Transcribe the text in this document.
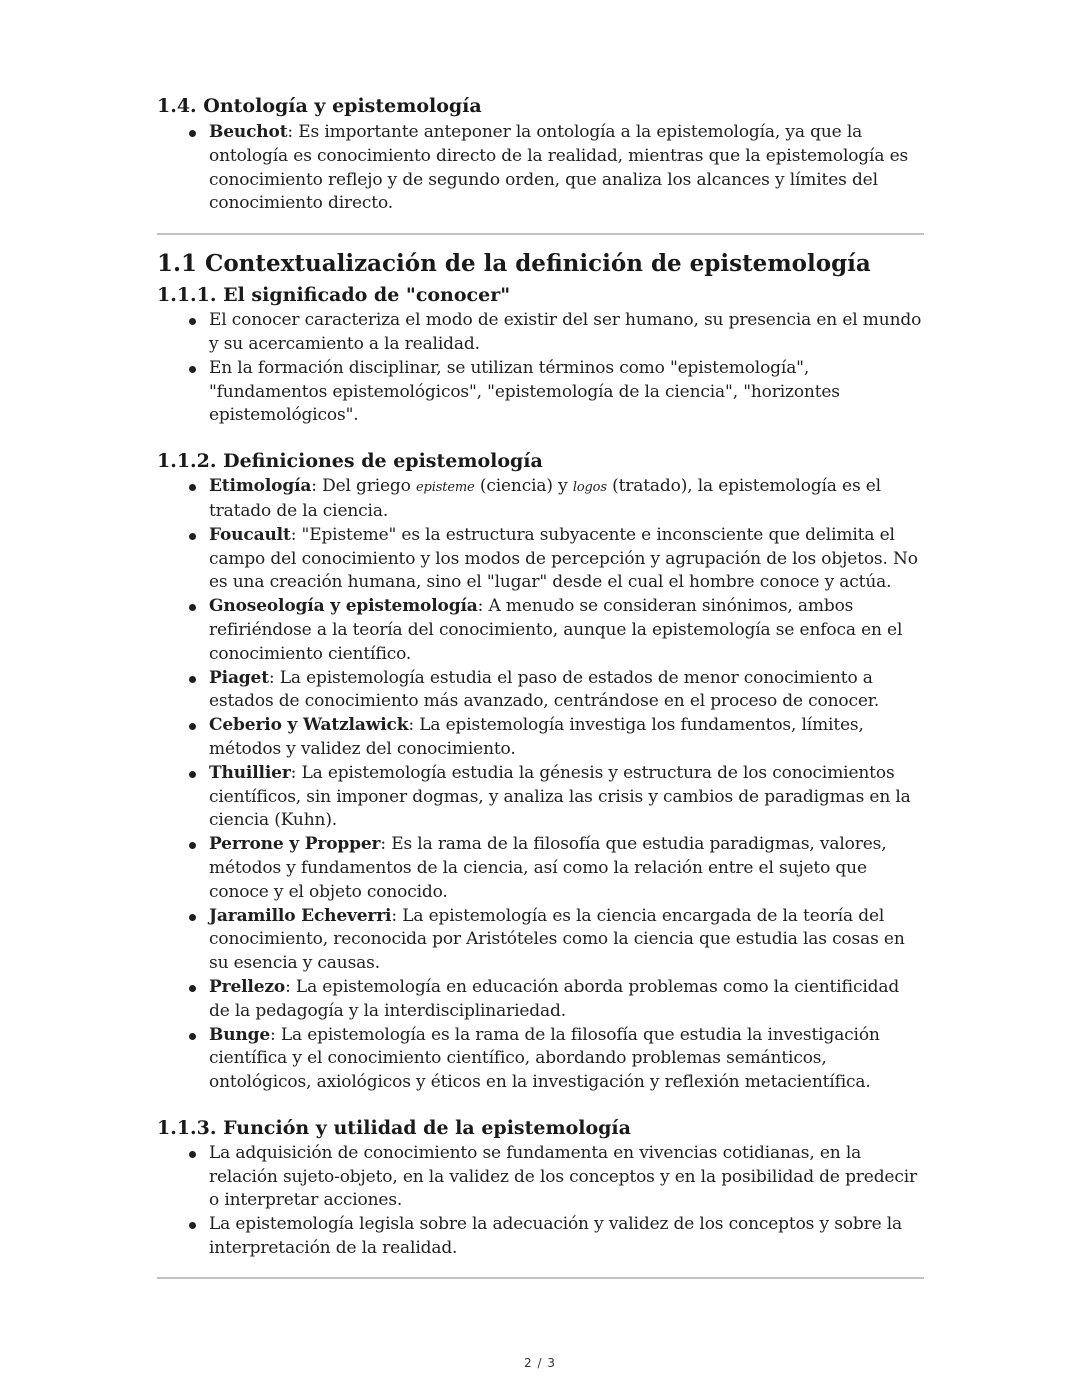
1.4. Ontología y epistemología
Beuchot: Es importante anteponer la ontología a la epistemología, ya que la ontología es conocimiento directo de la realidad, mientras que la epistemología es conocimiento reflejo y de segundo orden, que analiza los alcances y límites del conocimiento directo.
1.1 Contextualización de la definición de epistemología
1.1.1. El significado de "conocer"
El conocer caracteriza el modo de existir del ser humano, su presencia en el mundo y su acercamiento a la realidad.
En la formación disciplinar, se utilizan términos como "epistemología", "fundamentos epistemológicos", "epistemología de la ciencia", "horizontes epistemológicos".
1.1.2. Definiciones de epistemología
Etimología: Del griego episteme (ciencia) y logos (tratado), la epistemología es el tratado de la ciencia.
Foucault: "Episteme" es la estructura subyacente e inconsciente que delimita el campo del conocimiento y los modos de percepción y agrupación de los objetos. No es una creación humana, sino el "lugar" desde el cual el hombre conoce y actúa.
Gnoseología y epistemología: A menudo se consideran sinónimos, ambos refiriéndose a la teoría del conocimiento, aunque la epistemología se enfoca en el conocimiento científico.
Piaget: La epistemología estudia el paso de estados de menor conocimiento a estados de conocimiento más avanzado, centrándose en el proceso de conocer.
Ceberio y Watzlawick: La epistemología investiga los fundamentos, límites, métodos y validez del conocimiento.
Thuillier: La epistemología estudia la génesis y estructura de los conocimientos científicos, sin imponer dogmas, y analiza las crisis y cambios de paradigmas en la ciencia (Kuhn).
Perrone y Propper: Es la rama de la filosofía que estudia paradigmas, valores, métodos y fundamentos de la ciencia, así como la relación entre el sujeto que conoce y el objeto conocido.
Jaramillo Echeverri: La epistemología es la ciencia encargada de la teoría del conocimiento, reconocida por Aristóteles como la ciencia que estudia las cosas en su esencia y causas.
Prellezo: La epistemología en educación aborda problemas como la cientificidad de la pedagogía y la interdisciplinariedad.
Bunge: La epistemología es la rama de la filosofía que estudia la investigación científica y el conocimiento científico, abordando problemas semánticos, ontológicos, axiológicos y éticos en la investigación y reflexión metacientífica.
1.1.3. Función y utilidad de la epistemología
La adquisición de conocimiento se fundamenta en vivencias cotidianas, en la relación sujeto-objeto, en la validez de los conceptos y en la posibilidad de predecir o interpretar acciones.
La epistemología legisla sobre la adecuación y validez de los conceptos y sobre la interpretación de la realidad.
2 / 3
